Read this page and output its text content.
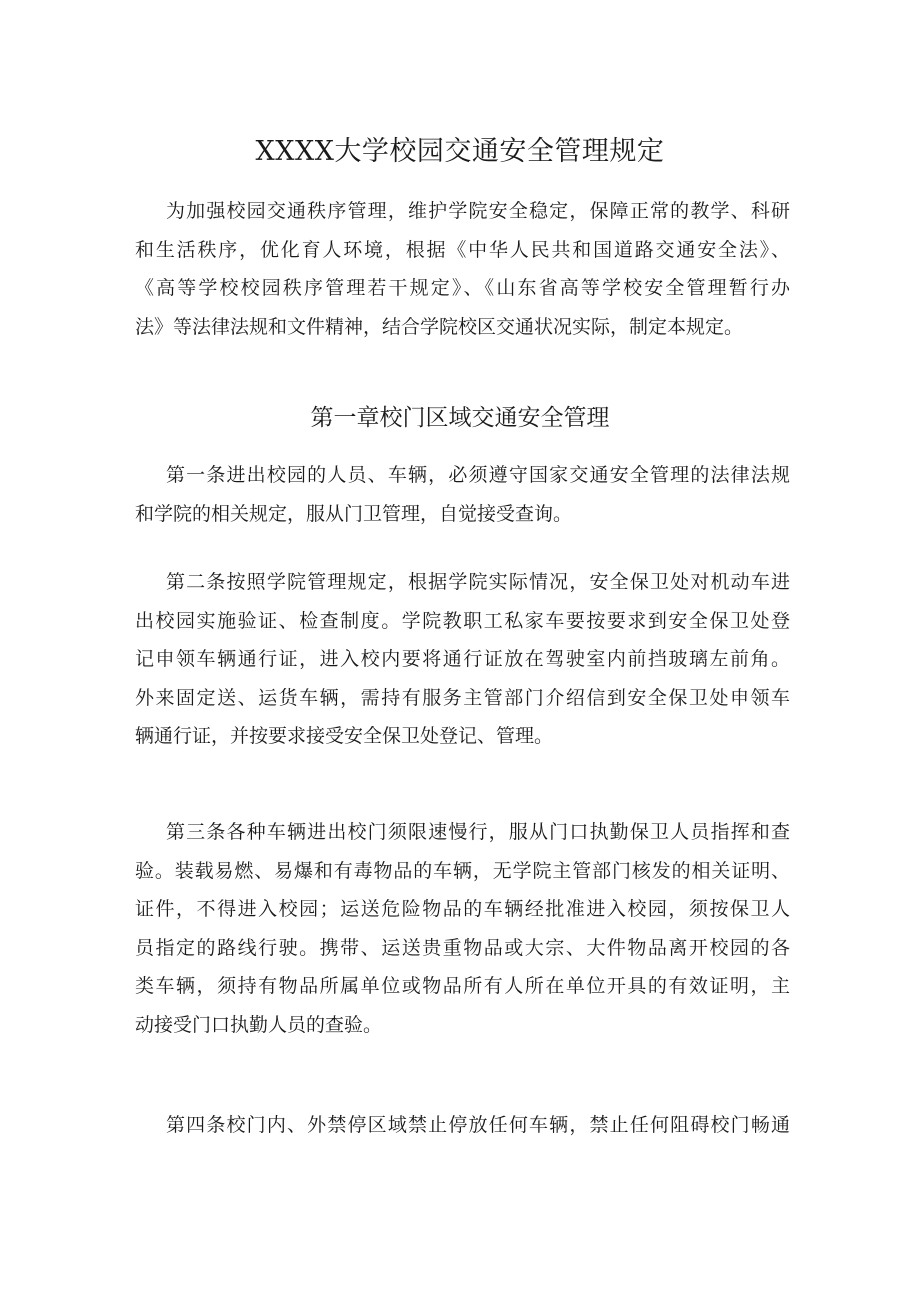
XXXX大学校园交通安全管理规定
为加强校园交通秩序管理，维护学院安全稳定，保障正常的教学、科研
和生活秩序，优化育人环境，根据《中华人民共和国道路交通安全法》、
《高等学校校园秩序管理若干规定》、《山东省高等学校安全管理暂行办
法》等法律法规和文件精神，结合学院校区交通状况实际，制定本规定。
第一章校门区域交通安全管理
第一条进出校园的人员、车辆，必须遵守国家交通安全管理的法律法规
和学院的相关规定，服从门卫管理，自觉接受查询。
第二条按照学院管理规定，根据学院实际情况，安全保卫处对机动车进
出校园实施验证、检查制度。学院教职工私家车要按要求到安全保卫处登
记申领车辆通行证，进入校内要将通行证放在驾驶室内前挡玻璃左前角。
外来固定送、运货车辆，需持有服务主管部门介绍信到安全保卫处申领车
辆通行证，并按要求接受安全保卫处登记、管理。
第三条各种车辆进出校门须限速慢行，服从门口执勤保卫人员指挥和查
验。装载易燃、易爆和有毒物品的车辆，无学院主管部门核发的相关证明、
证件，不得进入校园；运送危险物品的车辆经批准进入校园，须按保卫人
员指定的路线行驶。携带、运送贵重物品或大宗、大件物品离开校园的各
类车辆，须持有物品所属单位或物品所有人所在单位开具的有效证明，主
动接受门口执勤人员的查验。
第四条校门内、外禁停区域禁止停放任何车辆，禁止任何阻碍校门畅通
